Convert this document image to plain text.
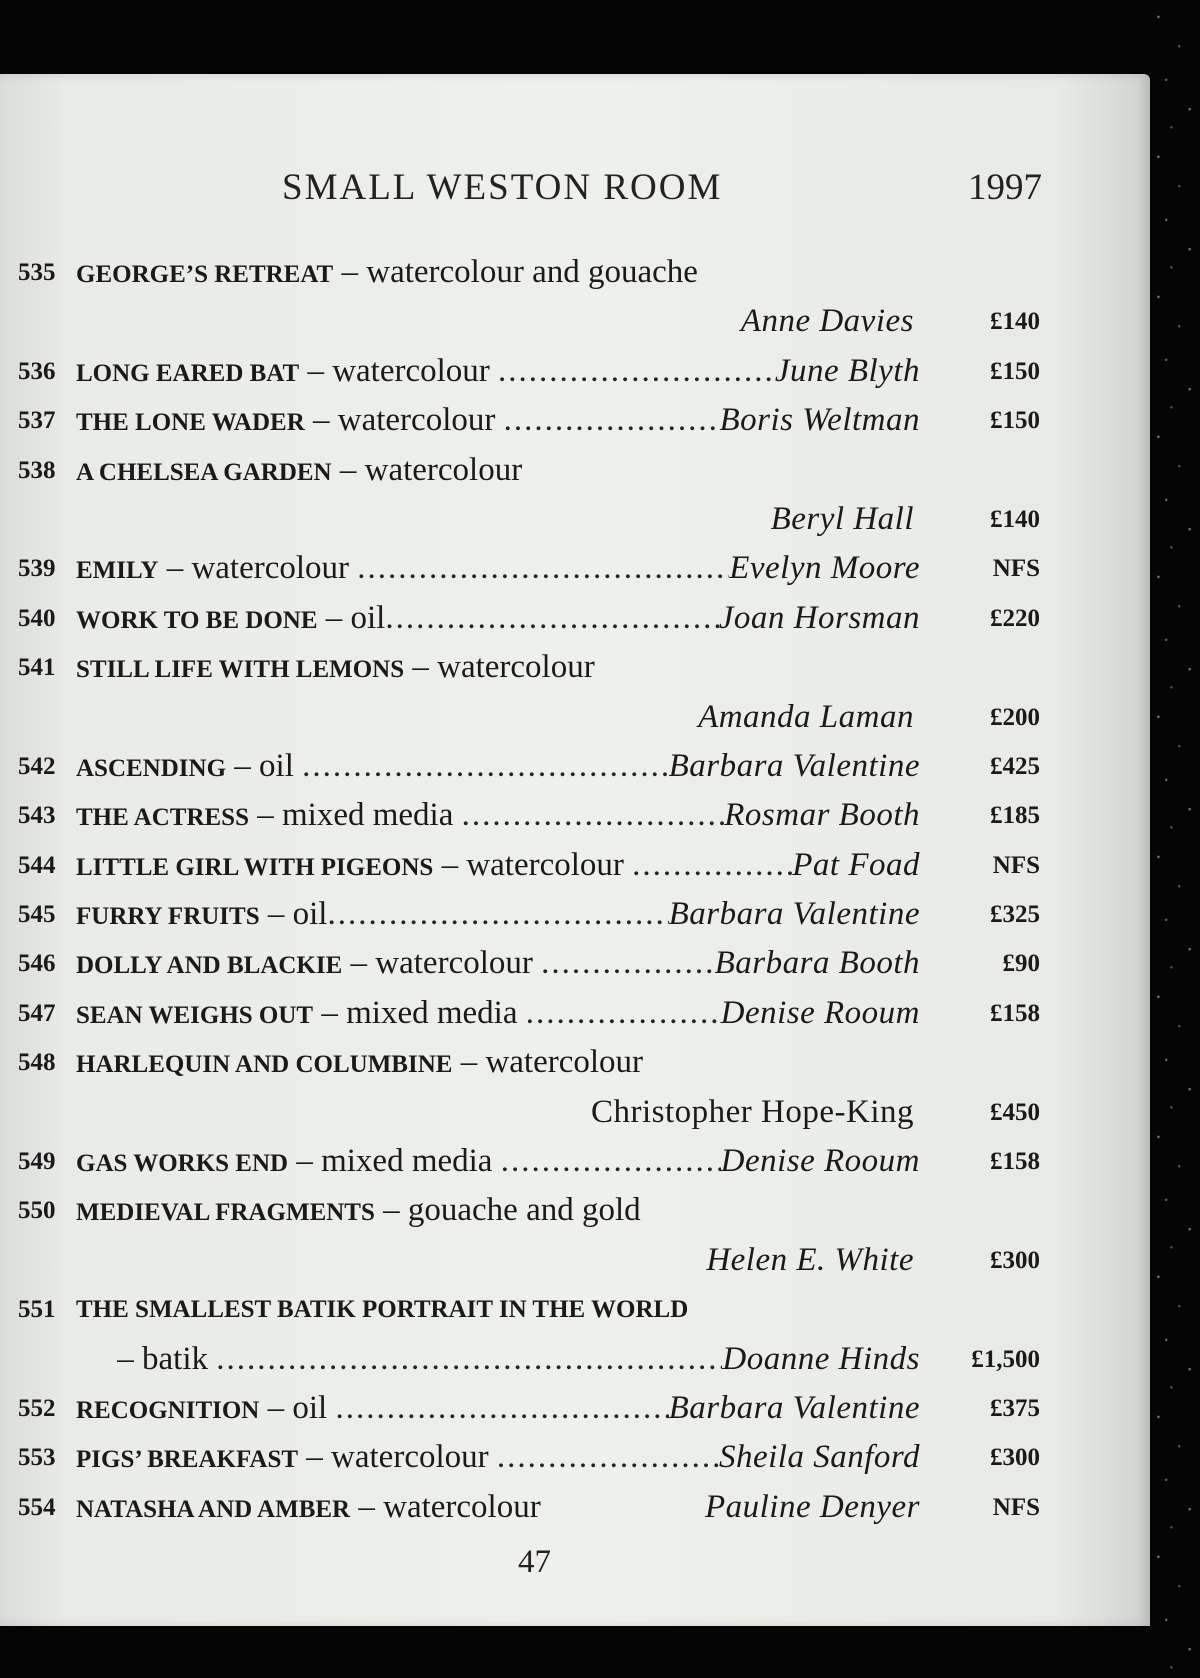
SMALL WESTON ROOM	1997
535 GEORGE’S RETREAT – watercolour and gouache
Anne Davies	£140
536 LONG EARED BAT – watercolour .....	June Blyth	£150
537 THE LONE WADER – watercolour .....	Boris Weltman	£150
538 A CHELSEA GARDEN – watercolour
Beryl Hall	£140
539 EMILY – watercolour .....	Evelyn Moore	NFS
540 WORK TO BE DONE – oil .....	Joan Horsman	£220
541 STILL LIFE WITH LEMONS – watercolour
Amanda Laman	£200
542 ASCENDING – oil .....	Barbara Valentine	£425
543 THE ACTRESS – mixed media .....	Rosmar Booth	£185
544 LITTLE GIRL WITH PIGEONS – watercolour .....	Pat Foad	NFS
545 FURRY FRUITS – oil .....	Barbara Valentine	£325
546 DOLLY AND BLACKIE – watercolour .....	Barbara Booth	£90
547 SEAN WEIGHS OUT – mixed media .....	Denise Rooum	£158
548 HARLEQUIN AND COLUMBINE – watercolour
Christopher Hope-King	£450
549 GAS WORKS END – mixed media .....	Denise Rooum	£158
550 MEDIEVAL FRAGMENTS – gouache and gold
Helen E. White	£300
551 THE SMALLEST BATIK PORTRAIT IN THE WORLD
– batik .....	Doanne Hinds £1,500
552 RECOGNITION – oil .....	Barbara Valentine	£375
553 PIGS’ BREAKFAST – watercolour .....	Sheila Sanford	£300
554 NATASHA AND AMBER – watercolour	Pauline Denyer	NFS
47
